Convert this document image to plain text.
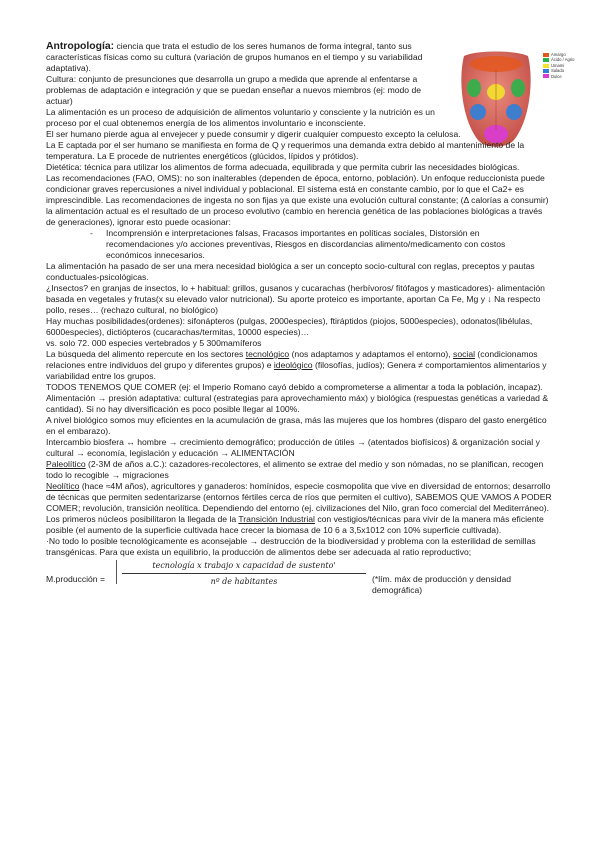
Amargo
Ácido / Agrio
Umami
Salado
Dulce

Antropología: ciencia que trata el estudio de los seres humanos de forma integral, tanto sus características físicas como su cultura (variación de grupos humanos en el tiempo y su variabilidad adaptativa).

Cultura: conjunto de presunciones que desarrolla un grupo a medida que aprende al enfentarse a problemas de adaptación e integración y que se puedan enseñar a nuevos miembros (ej: modo de actuar)

La alimentación es un proceso de adquisición de alimentos voluntario y consciente y la nutrición es un proceso por el cual obtenemos energía de los alimentos involuntario e inconsciente.

El ser humano pierde agua al envejecer y puede consumir y digerir cualquier compuesto excepto la celulosa.

La E captada por el ser humano se manifiesta en forma de Q y requerimos una demanda extra debido al mantenimiento de la temperatura. La E procede de nutrientes energéticos (glúcidos, lípidos y prótidos).

Dietética: técnica para utilizar los alimentos de forma adecuada, equilibrada y que permita cubrir las necesidades biológicas.

Las recomendaciones (FAO, OMS): no son inalterables (dependen de época, entorno, población). Un enfoque reduccionista puede condicionar graves repercusiones a nivel individual y poblacional. El sistema está en constante cambio, por lo que el Ca2+ es imprescindible. Las recomendaciones de ingesta no son fijas ya que existe una evolución cultural constante; (Δ calorías a consumir)

la alimentación actual es el resultado de un proceso evolutivo (cambio en herencia genética de las poblaciones biológicas a través de generaciones), ignorar esto puede ocasionar:

- Incomprensión e interpretaciones falsas, Fracasos importantes en políticas sociales, Distorsión en recomendaciones y/o acciones preventivas, Riesgos en discordancias alimento/medicamento con costos económicos innecesarios.

La alimentación ha pasado de ser una mera necesidad biológica a ser un concepto socio-cultural con reglas, preceptos y pautas conductuales-psicológicas.

¿Insectos? en granjas de insectos, lo + habitual: grillos, gusanos y cucarachas (herbívoros/ fitófagos y masticadores)- alimentación basada en vegetales y frutas(x su elevado valor nutricional). Su aporte proteico es importante, aportan Ca Fe, Mg y ↓ Na respecto pollo, reses… (rechazo cultural, no biológico)

Hay muchas posibilidades(ordenes): sifonápteros (pulgas, 2000especies), ftiráptidos (piojos, 5000especies), odonatos(libélulas, 6000especies), dictiópteros (cucarachas/termitas, 10000 especies)…

vs. solo 72. 000 especies vertebrados y 5 300mamíferos

La búsqueda del alimento repercute en los sectores tecnológico (nos adaptamos y adaptamos el entorno), social (condicionamos relaciones entre individuos del grupo y diferentes grupos) e ideológico (filosofías, judíos); Genera ≠ comportamientos alimentarios y variabilidad entre los grupos.

TODOS TENEMOS QUE COMER (ej: el Imperio Romano cayó debido a comprometerse a alimentar a toda la población, incapaz).

Alimentación → presión adaptativa: cultural (estrategias para aprovechamiento máx) y biológica (respuestas genéticas a variedad & cantidad). Si no hay diversificación es poco posible llegar al 100%.

A nivel biológico somos muy eficientes en la acumulación de grasa, más las mujeres que los hombres (disparo del gasto energético en el embarazo).

Intercambio biosfera ↔ hombre → crecimiento demográfico; producción de útiles → (atentados biofísicos) & organización social y cultural → economía, legislación y educación → ALIMENTACIÓN

Paleolítico (2-3M de años a.C.): cazadores-recolectores, el alimento se extrae del medio y son nómadas, no se planifican, recogen todo lo recogible → migraciones

Neolítico (hace ≈4M años), agricultores y ganaderos: homínidos, especie cosmopolita que vive en diversidad de entornos; desarrollo de técnicas que permiten sedentarizarse (entornos fértiles cerca de ríos que permiten el cultivo), SABEMOS QUE VAMOS A PODER COMER; revolución, transición neolítica. Dependiendo del entorno (ej. civilizaciones del Nilo, gran foco comercial del Mediterráneo). Los primeros núcleos posibilitaron la llegada de la Transición Industrial con vestigios/técnicas para vivir de la manera más eficiente posible (el aumento de la superficie cultivada hace crecer la biomasa de 10 6 a 3,5x1012 con 10% superficie cultivada).

·No todo lo posible tecnológicamente es aconsejable → destrucción de la biodiversidad y problema con la esterilidad de semillas transgénicas. Para que exista un equilibrio, la producción de alimentos debe ser adecuada al ratio reproductivo;

M.producción =
tecnología x trabajo x capacidad de sustento'
nº de habitantes	(*lím. máx de producción y densidad demográfica)
